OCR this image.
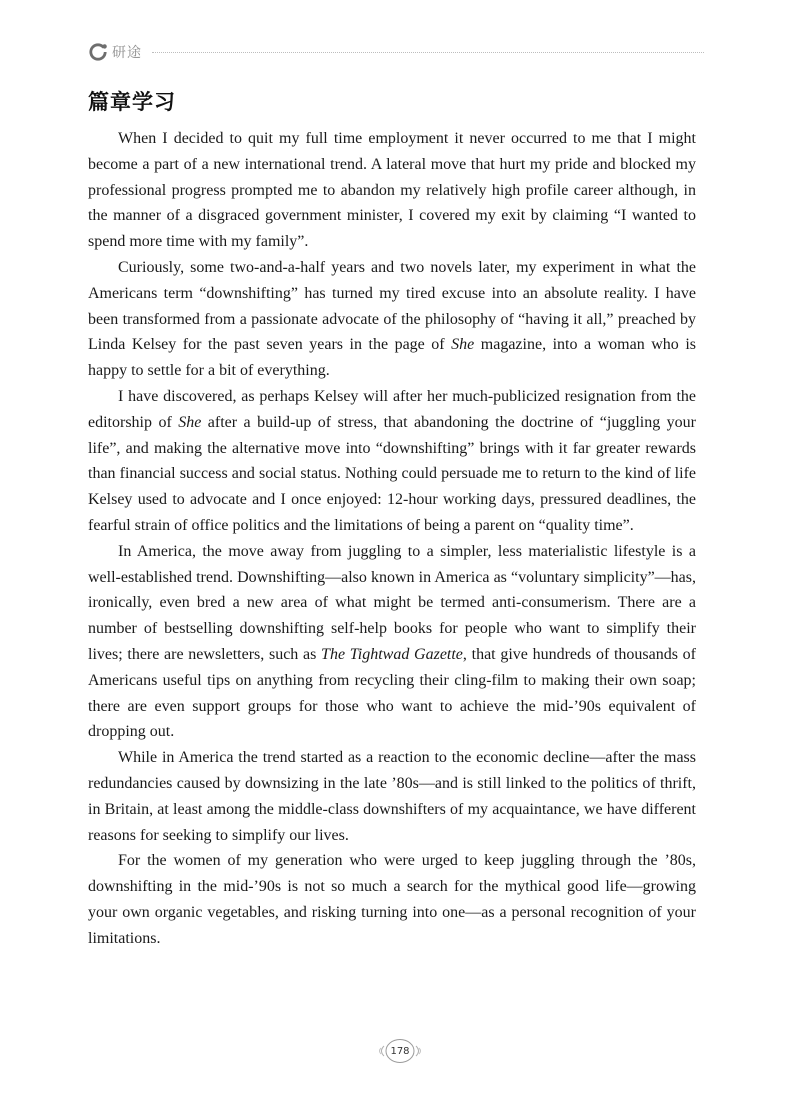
研途
篇章学习

When I decided to quit my full time employment it never occurred to me that I might become a part of a new international trend. A lateral move that hurt my pride and blocked my professional progress prompted me to abandon my relatively high profile career although, in the manner of a disgraced government minister, I covered my exit by claiming “I wanted to spend more time with my family”.

Curiously, some two-and-a-half years and two novels later, my experiment in what the Americans term “downshifting” has turned my tired excuse into an absolute reality. I have been transformed from a passionate advocate of the philosophy of “having it all,” preached by Linda Kelsey for the past seven years in the page of She magazine, into a woman who is happy to settle for a bit of everything.

I have discovered, as perhaps Kelsey will after her much-publicized resignation from the editorship of She after a build-up of stress, that abandoning the doctrine of “juggling your life”, and making the alternative move into “downshifting” brings with it far greater rewards than financial success and social status. Nothing could persuade me to return to the kind of life Kelsey used to advocate and I once enjoyed: 12-hour working days, pressured deadlines, the fearful strain of office politics and the limitations of being a parent on “quality time”.

In America, the move away from juggling to a simpler, less materialistic lifestyle is a well-established trend. Downshifting—also known in America as “voluntary simplicity”—has, ironically, even bred a new area of what might be termed anti-consumerism. There are a number of bestselling downshifting self-help books for people who want to simplify their lives; there are newsletters, such as The Tightwad Gazette, that give hundreds of thousands of Americans useful tips on anything from recycling their cling-film to making their own soap; there are even support groups for those who want to achieve the mid-’90s equivalent of dropping out.

While in America the trend started as a reaction to the economic decline—after the mass redundancies caused by downsizing in the late ’80s—and is still linked to the politics of thrift, in Britain, at least among the middle-class downshifters of my acquaintance, we have different reasons for seeking to simplify our lives.

For the women of my generation who were urged to keep juggling through the ’80s, downshifting in the mid-’90s is not so much a search for the mythical good life—growing your own organic vegetables, and risking turning into one—as a personal recognition of your limitations.

178
